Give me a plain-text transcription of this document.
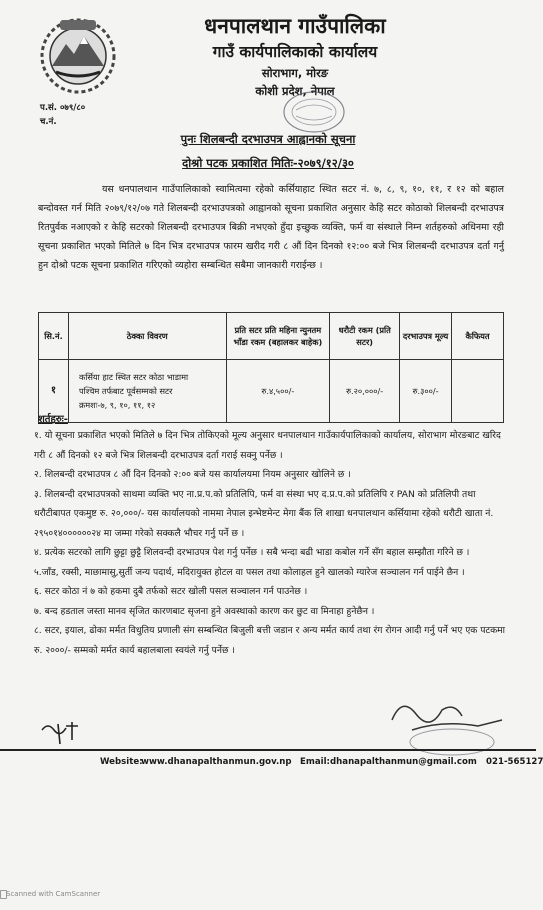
धनपालथान गाउँपालिका
गाउँ कार्यपालिकाको कार्यालय
सोराभाग, मोरङ
कोशी प्रदेश, नेपाल
प.सं. ०७९/८०
च.नं.
पुनः शिलबन्दी दरभाउपत्र आह्वानको सूचना
दोश्रो पटक प्रकाशित मितिः-२०७९/१२/३०
यस धनपालथान गाउँपालिकाको स्वामित्वमा रहेको कर्सियाहाट स्थित सटर नं. ७, ८, ९, १०, ११, र १२ को बहाल बन्दोवस्त गर्न मिति २०७९/१२/०७ गते शिलबन्दी दरभाउपत्रको आह्वानको सूचना प्रकाशित अनुसार केहि सटर कोठाको शिलबन्दी दरभाउपत्र रितपुर्वक नआएको र केहि सटरको शिलबन्दी दरभाउपत्र बिक्री नभएको हुँदा इच्छुक व्यक्ति, फर्म वा संस्थाले निम्न शर्तहरुको अधिनमा रही सूचना प्रकाशित भएको मितिले ७ दिन भित्र दरभाउपत्र फारम खरीद गरी ८ औं दिन दिनको १२:०० बजे भित्र शिलबन्दी दरभाउपत्र दर्ता गर्नु हुन दोश्रो पटक सूचना प्रकाशित गरिएको व्यहोरा सम्बन्धित सबैमा जानकारी गराईन्छ ।
सि.नं.	ठेक्का विवरण	प्रति सटर प्रति महिना न्युनतम भाँडा रकम (बहालकर बाहेक)	धरौटी रकम (प्रति सटर)	दरभाउपत्र मूल्य	कैफियत
१	कर्सिया हाट स्थित सटर कोठा भाडामा
पश्चिम तर्फबाट पूर्वसम्मको सटर
क्रमशः-७, ९, १०, ११, १२	रु.४,५००/-	रु.२०,०००/-	रु.३००/-	
शर्तहरुः-
१. यो सूचना प्रकाशित भएको मितिले ७ दिन भित्र तोकिएको मूल्य अनुसार धनपालथान गाउँकार्यपालिकाको कार्यालय, सोराभाग मोरङबाट खरिद गरी ८ औं दिनको १२ बजे भित्र शिलबन्दी दरभाउपत्र दर्ता गराई सक्नु पर्नेछ ।
२. शिलबन्दी दरभाउपत्र ८ औं दिन दिनको २:०० बजे यस कार्यालयमा नियम अनुसार खोलिने छ ।
३. शिलबन्दी दरभाउपत्रको साथमा व्यक्ति भए ना.प्र.प.को प्रतिलिपि, फर्म वा संस्था भए द.प्र.प.को प्रतिलिपि र PAN को प्रतिलिपी तथा धरौटीबापत एकमुष्ट रु. २०,०००/- यस कार्यालयको नाममा नेपाल इन्भेष्टमेन्ट मेगा बैंक लि शाखा धनपालथान कर्सियामा रहेको धरौटी खाता नं. २९५०१४००००००२४ मा जम्मा गरेको सक्कलै भौचर गर्नु पर्ने छ ।
४. प्रत्येक सटरको लागि छुट्टा छुट्टै शिलवन्दी दरभाउपत्र पेश गर्नु पर्नेछ । सबै भन्दा बढी भाडा कबोल गर्ने सँग बहाल सम्झौता गरिने छ ।
५.जाँड, रक्सी, माछामासु,सुर्ती जन्य पदार्थ, मदिरायुक्त होटल वा पसल तथा कोलाहल हुने खालको ग्यारेज सञ्चालन गर्न पाईने छैन ।
६. सटर कोठा नं ७ को हकमा दुबै तर्फको सटर खोली पसल सञ्चालन गर्न पाउनेछ ।
७. बन्द हडताल जस्ता मानव सृजित कारणबाट सृजना हुने अवस्थाको कारण कर छुट वा मिनाहा हुनेछैन ।
८. सटर, इयाल, ढोका मर्मत विधुतिय प्रणाली संग सम्बन्धित बिजुली बत्ती जडान र अन्य मर्मत कार्य तथा रंग रोगन आदी गर्नु पर्ने भए एक पटकमा रु. २०००/- सम्मको मर्मत कार्य बहालबाला स्वयंले गर्नु पर्नेछ ।
Website:
www.dhanapalthanmun.gov.np Email: dhanapalthanmun@gmail.com 021-565127
Scanned with CamScanner
